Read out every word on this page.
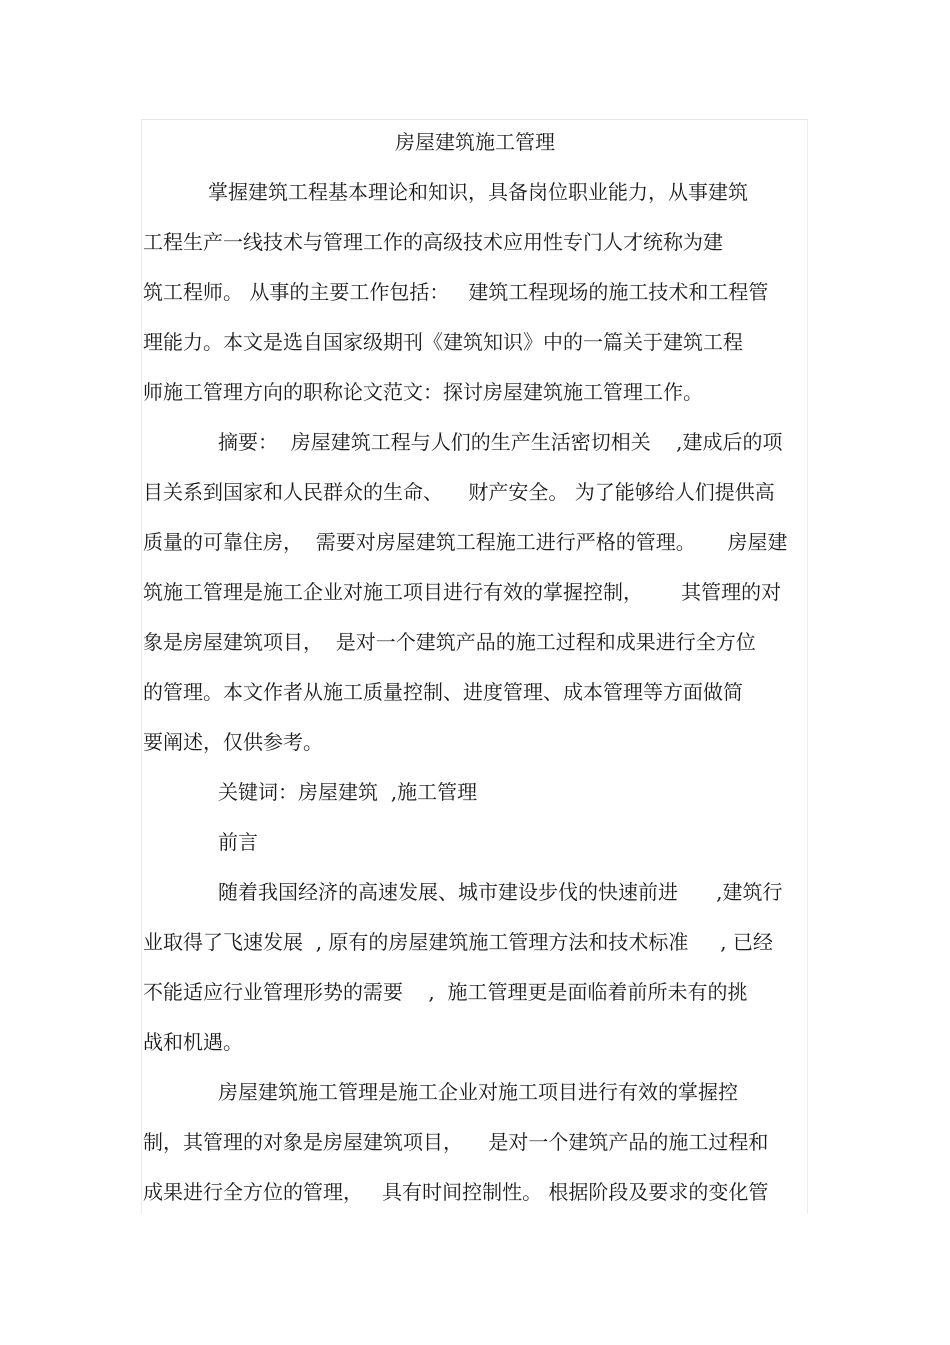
房屋建筑施工管理
掌握建筑工程基本理论和知识，具备岗位职业能力，从事建筑
工程生产一线技术与管理工作的高级技术应用性专门人才统称为建
筑工程师。 从事的主要工作包括：   建筑工程现场的施工技术和工程管
理能力。本文是选自国家级期刊《建筑知识》中的一篇关于建筑工程
师施工管理方向的职称论文范文：探讨房屋建筑施工管理工作。
摘要：  房屋建筑工程与人们的生产生活密切相关    ,建成后的项
目关系到国家和人民群众的生命、    财产安全。 为了能够给人们提供高
质量的可靠住房，  需要对房屋建筑工程施工进行严格的管理。     房屋建
筑施工管理是施工企业对施工项目进行有效的掌握控制，      其管理的对
象是房屋建筑项目，  是对一个建筑产品的施工过程和成果进行全方位
的管理。本文作者从施工质量控制、进度管理、成本管理等方面做简
要阐述，仅供参考。
关键词：房屋建筑  ,施工管理
前言
随着我国经济的高速发展、城市建设步伐的快速前进      ,建筑行
业取得了飞速发展  , 原有的房屋建筑施工管理方法和技术标准     , 已经
不能适应行业管理形势的需要    ,  施工管理更是面临着前所未有的挑
战和机遇。
房屋建筑施工管理是施工企业对施工项目进行有效的掌握控
制，其管理的对象是房屋建筑项目，    是对一个建筑产品的施工过程和
成果进行全方位的管理，   具有时间控制性。 根据阶段及要求的变化管
